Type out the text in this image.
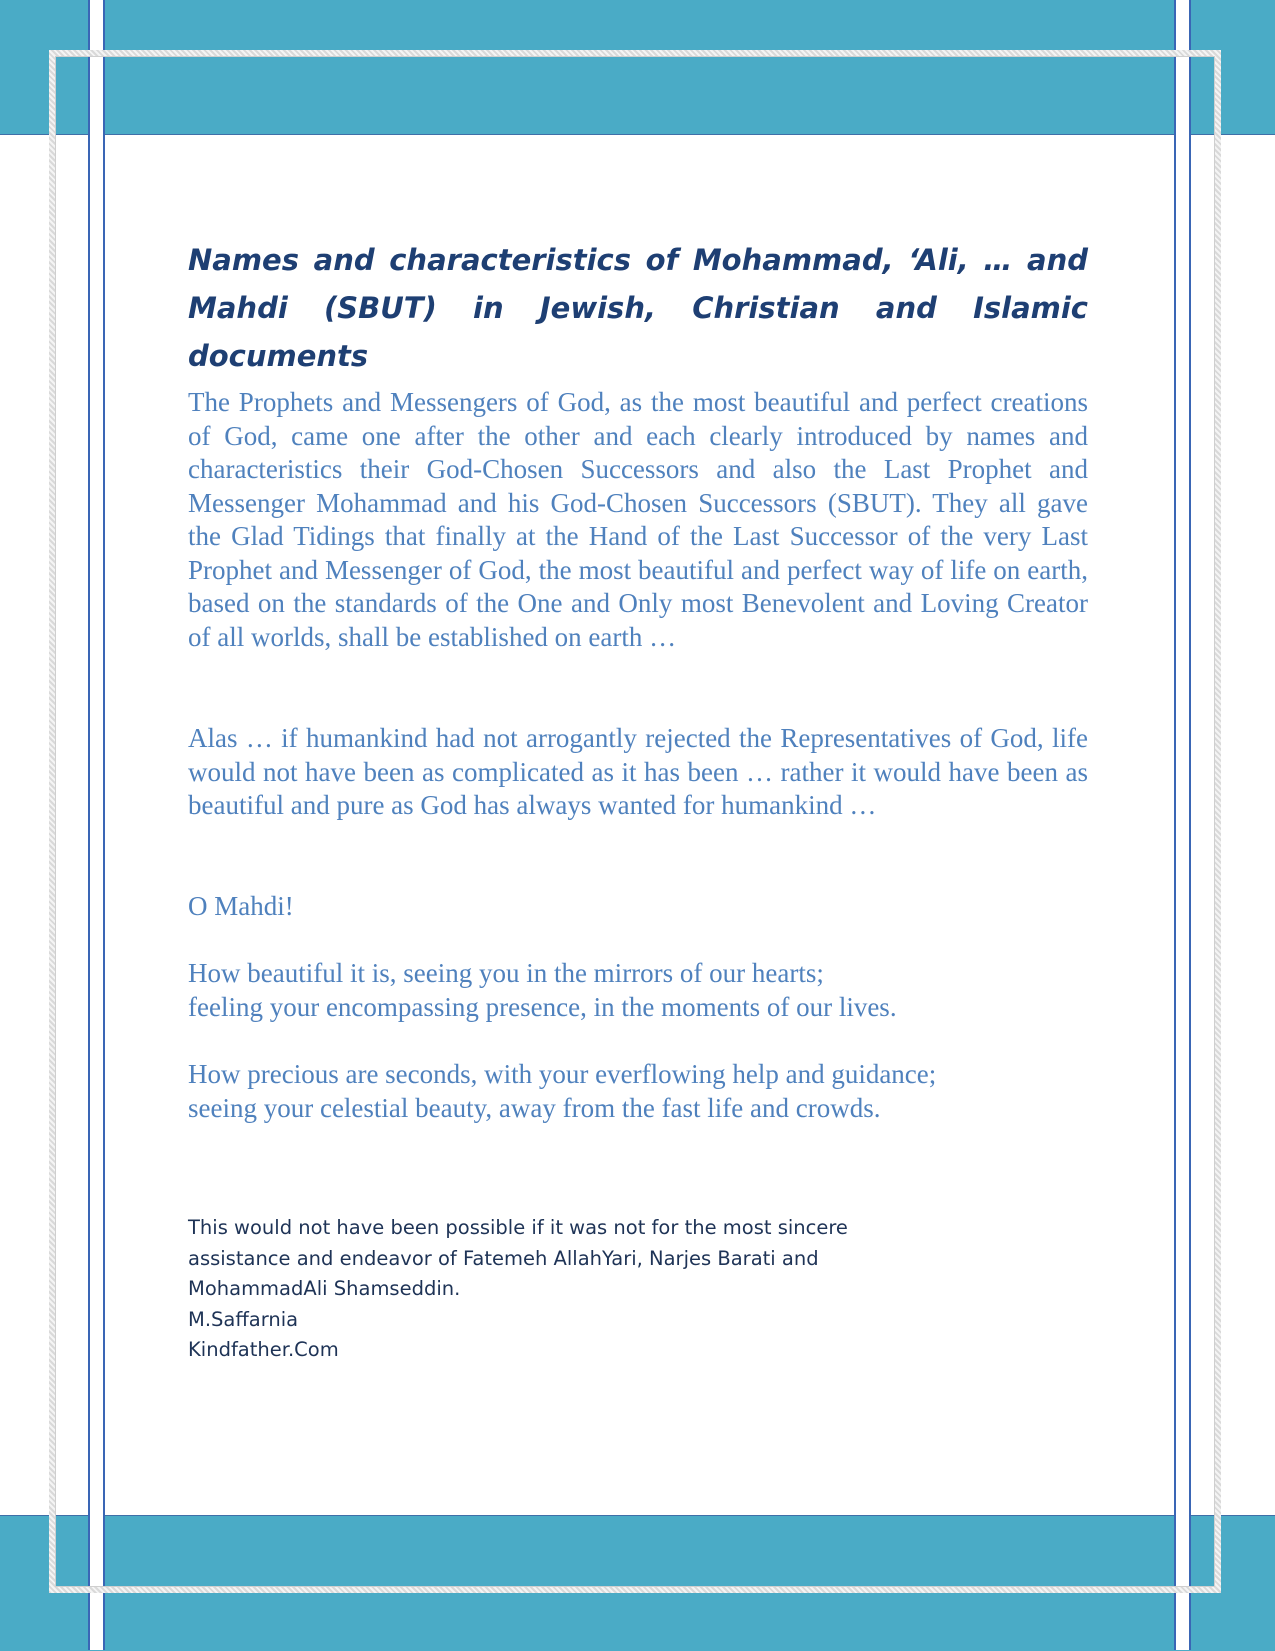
Names and characteristics of Mohammad, ‘Ali, … and Mahdi (SBUT) in Jewish, Christian and Islamic documents

The Prophets and Messengers of God, as the most beautiful and perfect creations of God, came one after the other and each clearly introduced by names and characteristics their God-Chosen Successors and also the Last Prophet and Messenger Mohammad and his God-Chosen Successors (SBUT). They all gave the Glad Tidings that finally at the Hand of the Last Successor of the very Last Prophet and Messenger of God, the most beautiful and perfect way of life on earth, based on the standards of the One and Only most Benevolent and Loving Creator of all worlds, shall be established on earth …

Alas … if humankind had not arrogantly rejected the Representatives of God, life would not have been as complicated as it has been … rather it would have been as beautiful and pure as God has always wanted for humankind …

O Mahdi!

How beautiful it is, seeing you in the mirrors of our hearts;
feeling your encompassing presence, in the moments of our lives.

How precious are seconds, with your everflowing help and guidance;
seeing your celestial beauty, away from the fast life and crowds.

This would not have been possible if it was not for the most sincere
assistance and endeavor of Fatemeh AllahYari, Narjes Barati and
MohammadAli Shamseddin.
M.Saffarnia
Kindfather.Com
